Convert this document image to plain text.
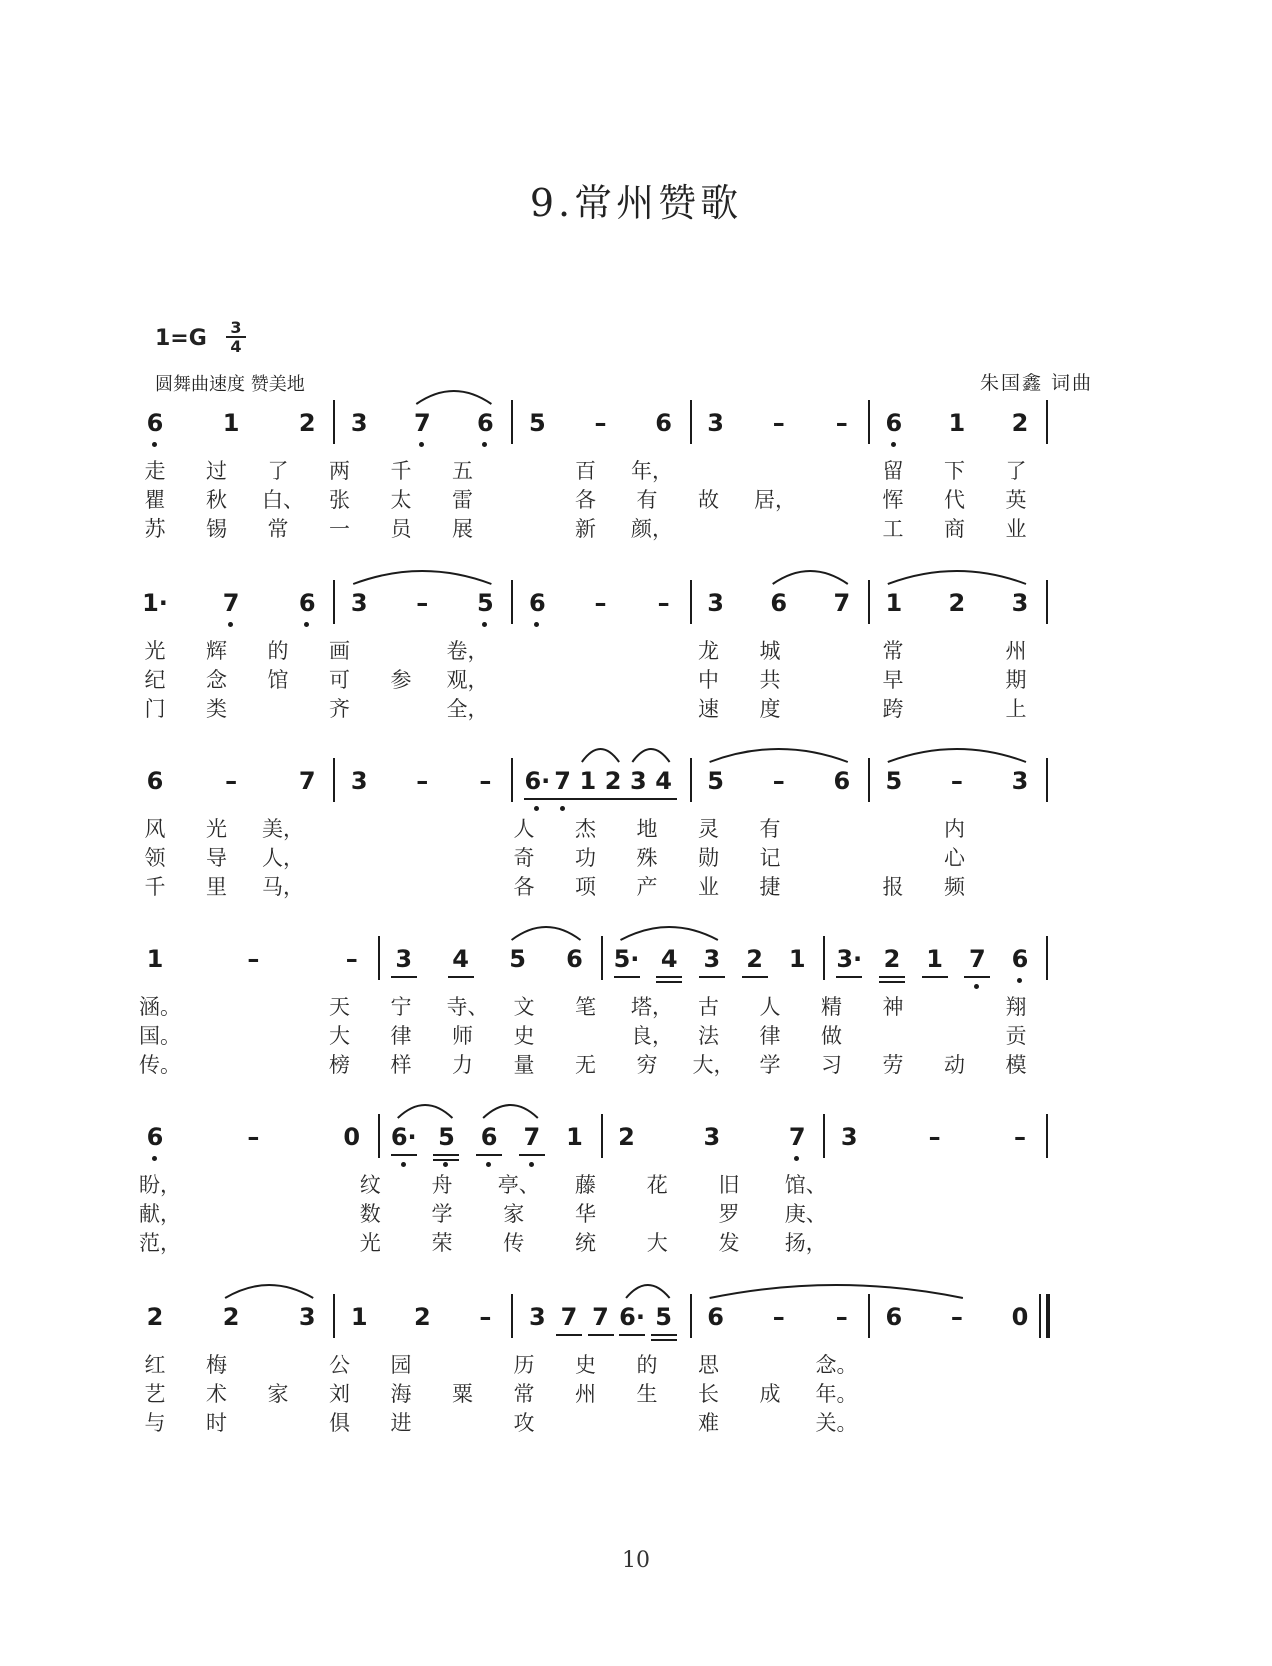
9.常州赞歌
1=G 3
4
圆舞曲速度 赞美地	朱国鑫 词曲
6	1	2	3	7	6	5	–	6	3	–	–	6	1	2
走 过 了 两 千 五	百 年，	留 下 了
瞿 秋 白、 张 太 雷	各 有 故 居，	恽 代 英
苏 锡 常 一 员 展	新 颜，	工 商 业
1·	7	6	3	–	5	6	–	–	3	6	7	1	2	3
光 辉 的 画	卷，	龙 城	常	州
纪 念 馆 可 参 观，	中 共	早	期
门 类	齐	全，	速 度	跨	上
6	–	7	3	–	–	6· 7 1 2 3 4	5	–	6	5	–	3
风 光 美，	人 杰 地 灵 有	内
领 导 人，	奇 功 殊 勋 记	心
千 里 马，	各 项 产 业 捷	报 频
1	–	–	3	4	5	6	5· 4	3	2	1	3· 2	1	7	6
涵。	天 宁 寺、 文 笔 塔， 古 人 精 神	翔
国。	大 律 师 史	良， 法 律 做	贡
传。	榜 样 力 量 无 穷 大， 学 习 劳 动 模
6	–	0	6· 5	6	7	1	2	3	7	3	–	–
盼，	纹 舟 亭、 藤 花 旧 馆、
献，	数 学 家 华	罗 庚、
范，	光 荣 传 统 大 发 扬，
2	2	3	1	2	–	3 7 7 6· 5	6	–	–	6	–	0
红 梅	公 园	历 史 的 思	念。
艺 术 家 刘 海 粟 常 州 生 长 成 年。
与 时	俱 进	攻	难	关。
10
